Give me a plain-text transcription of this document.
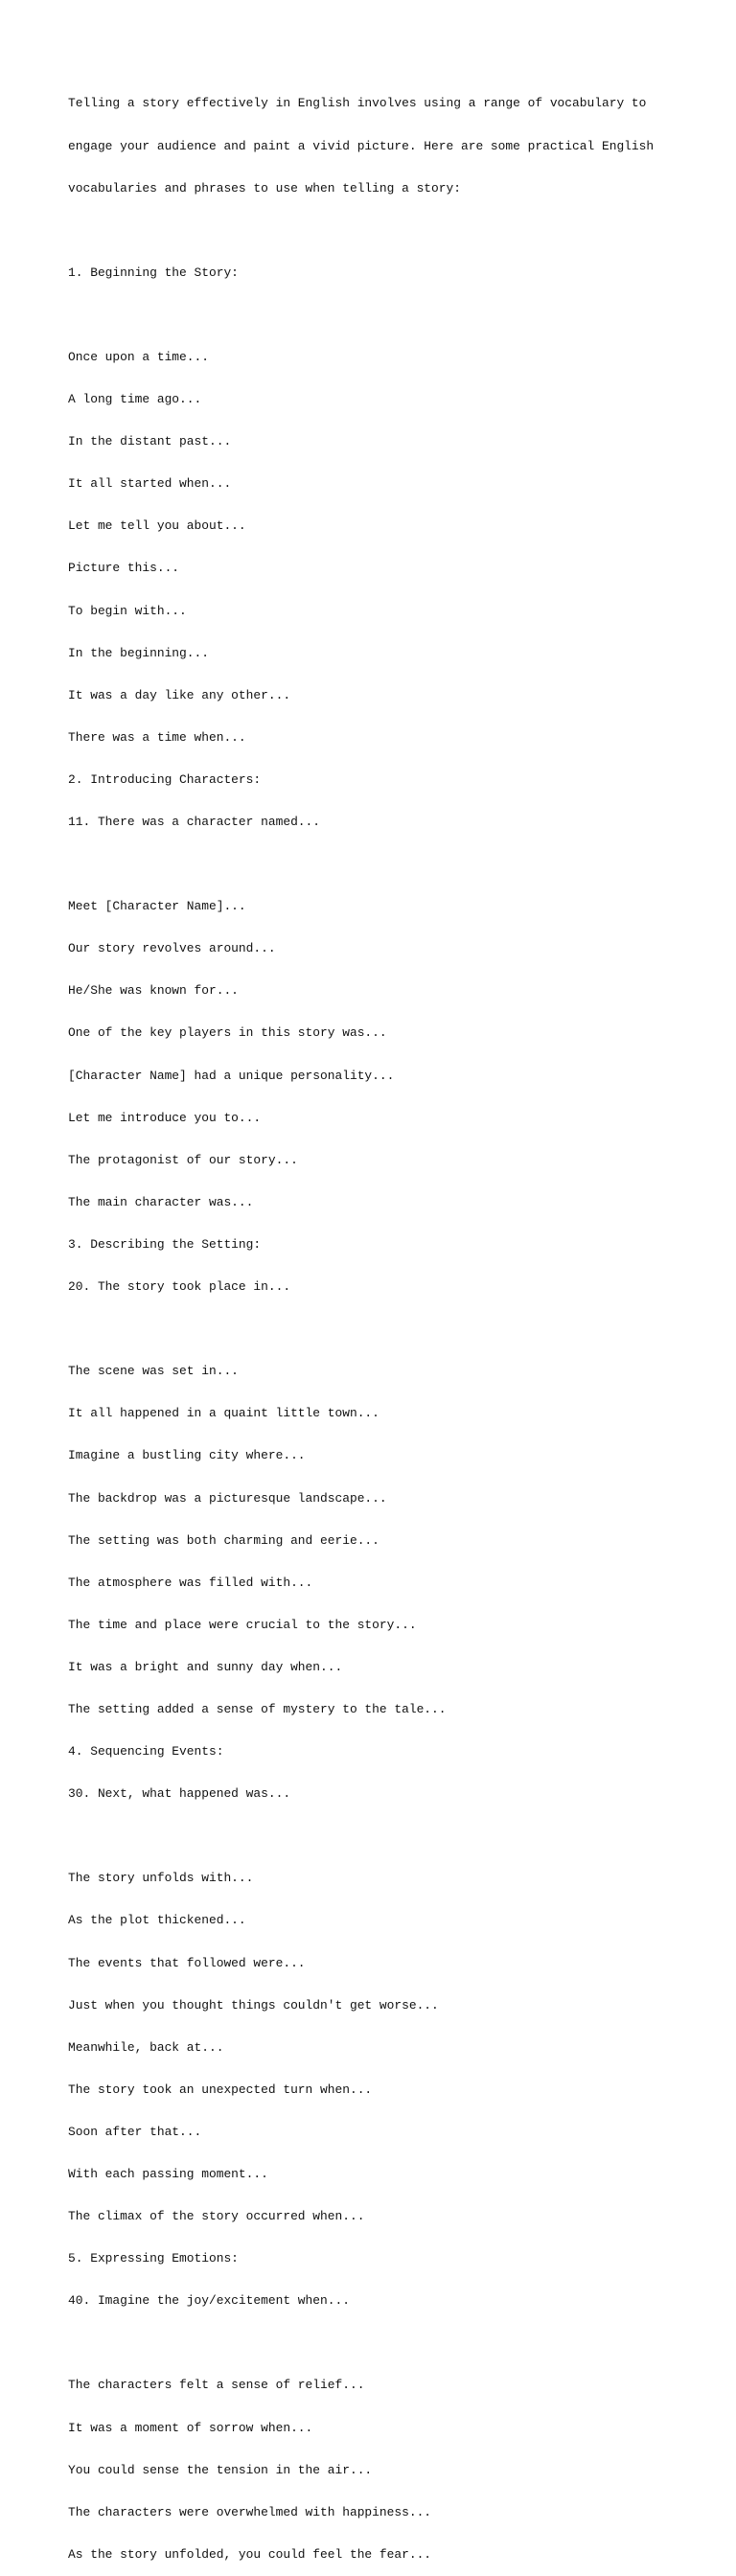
Telling a story effectively in English involves using a range of vocabulary to

engage your audience and paint a vivid picture. Here are some practical English

vocabularies and phrases to use when telling a story:

1. Beginning the Story:

Once upon a time...

A long time ago...

In the distant past...

It all started when...

Let me tell you about...

Picture this...

To begin with...

In the beginning...

It was a day like any other...

There was a time when...

2. Introducing Characters:

11. There was a character named...

Meet [Character Name]...

Our story revolves around...

He/She was known for...

One of the key players in this story was...

[Character Name] had a unique personality...

Let me introduce you to...

The protagonist of our story...

The main character was...

3. Describing the Setting:

20. The story took place in...

The scene was set in...

It all happened in a quaint little town...

Imagine a bustling city where...

The backdrop was a picturesque landscape...

The setting was both charming and eerie...

The atmosphere was filled with...

The time and place were crucial to the story...

It was a bright and sunny day when...

The setting added a sense of mystery to the tale...

4. Sequencing Events:

30. Next, what happened was...

The story unfolds with...

As the plot thickened...

The events that followed were...

Just when you thought things couldn't get worse...

Meanwhile, back at...

The story took an unexpected turn when...

Soon after that...

With each passing moment...

The climax of the story occurred when...

5. Expressing Emotions:

40. Imagine the joy/excitement when...

The characters felt a sense of relief...

It was a moment of sorrow when...

You could sense the tension in the air...

The characters were overwhelmed with happiness...

As the story unfolded, you could feel the fear...
